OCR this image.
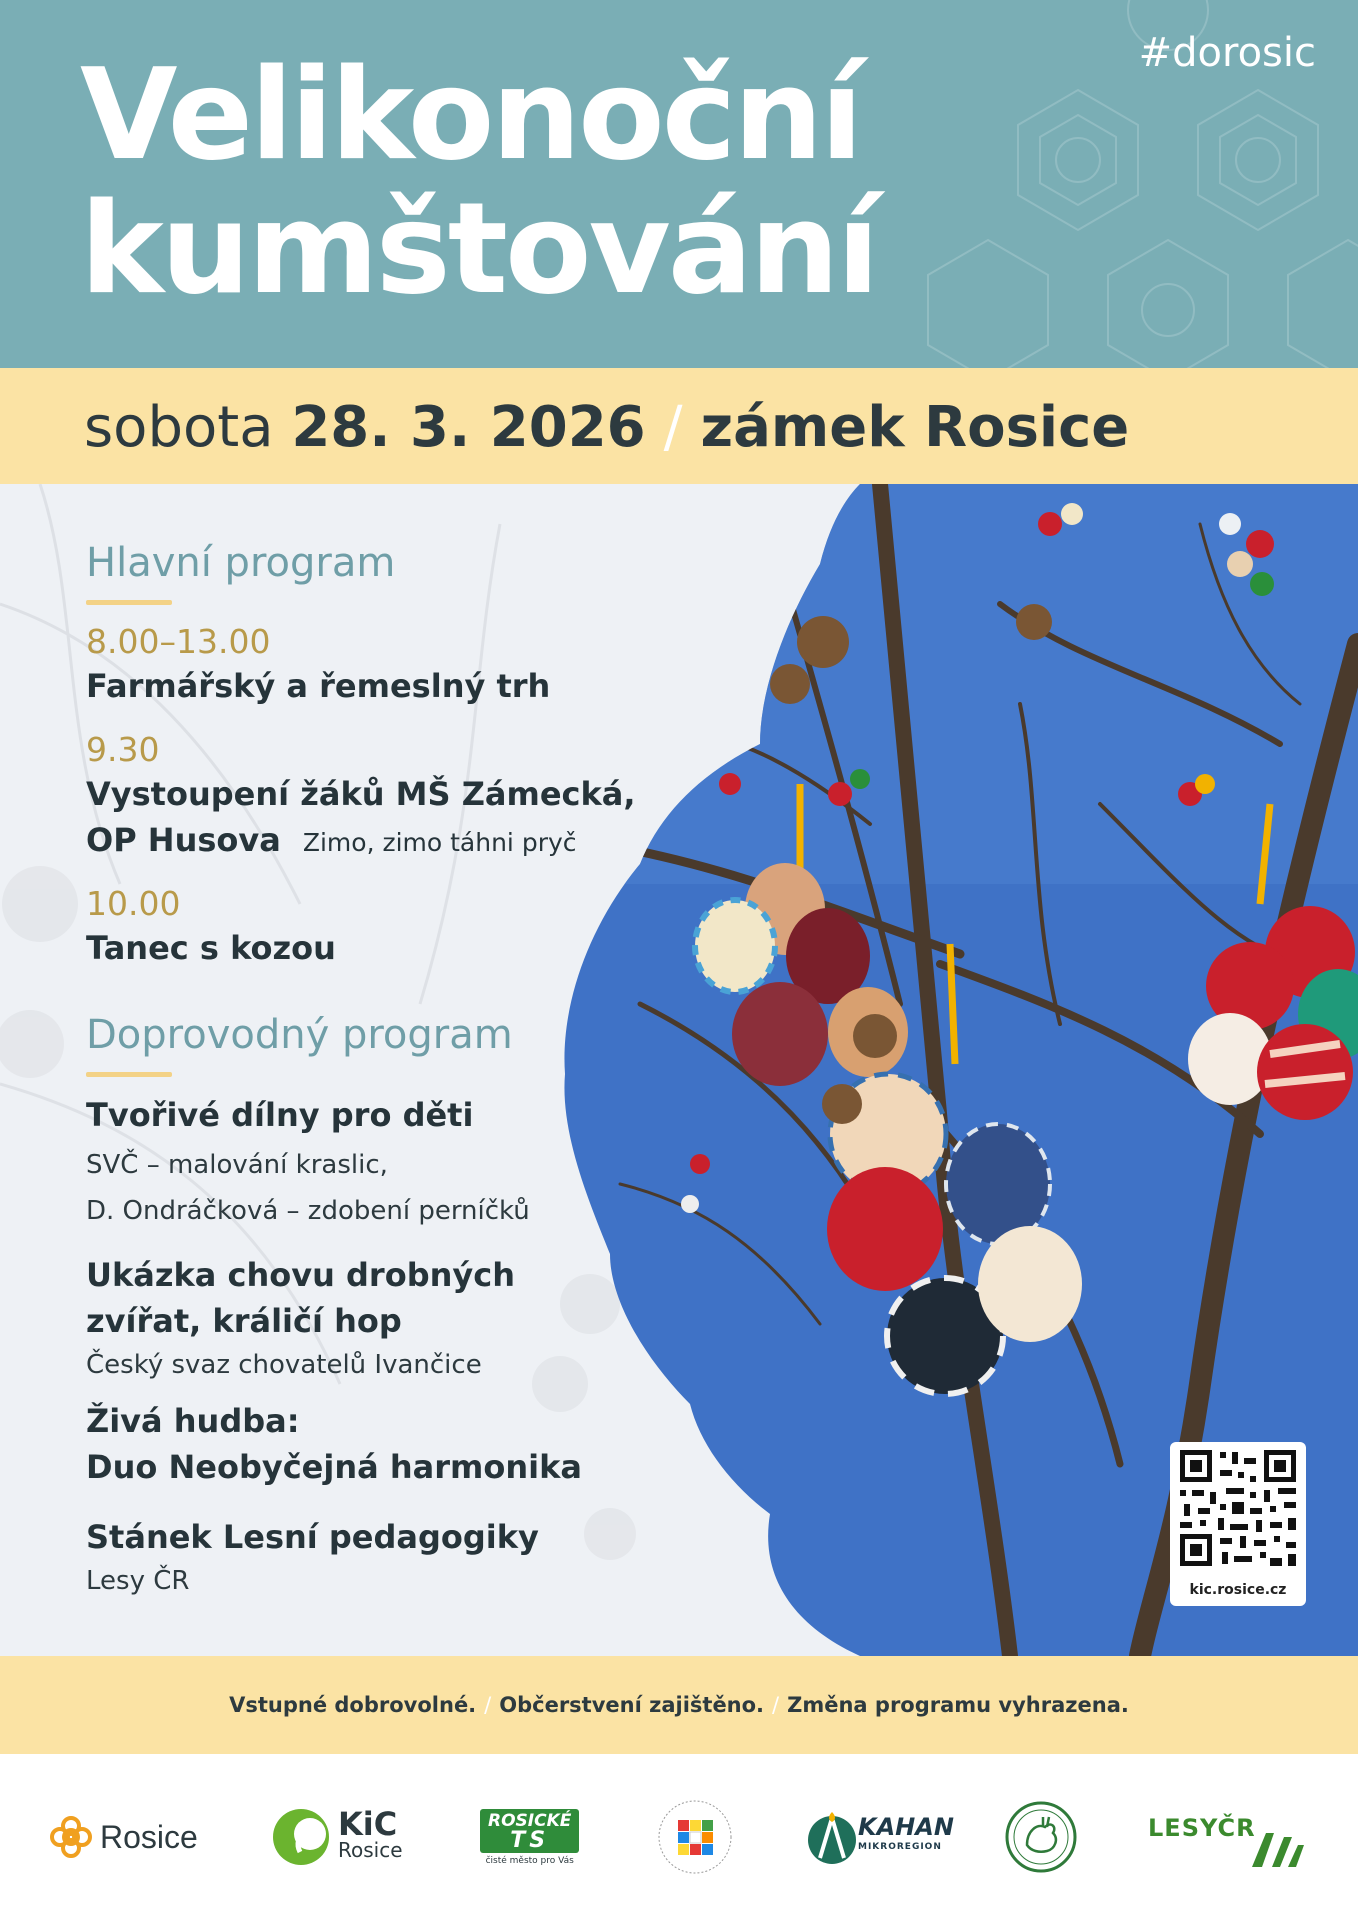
#dorosic
Velikonoční
kumštování
sobota 28. 3. 2026 / zámek Rosice
Hlavní program
8.00–13.00
Farmářský a řemeslný trh
9.30
Vystoupení žáků MŠ Zámecká,
OP Husova Zimo, zimo táhni pryč
10.00
Tanec s kozou
Doprovodný program
Tvořivé dílny pro děti
SVČ – malování kraslic,
D. Ondráčková – zdobení perníčků
Ukázka chovu drobných
zvířat, králičí hop
Český svaz chovatelů Ivančice
Živá hudba:
Duo Neobyčejná harmonika
Stánek Lesní pedagogiky
Lesy ČR	kic.rosice.cz
Vstupné dobrovolné. / Občerstvení zajištěno. / Změna programu vyhrazena.
Rosice	KiC
Rosice
ROSICKÉ
TS
čisté město pro Vás
KAHAN
MIKROREGION
LESYČR
